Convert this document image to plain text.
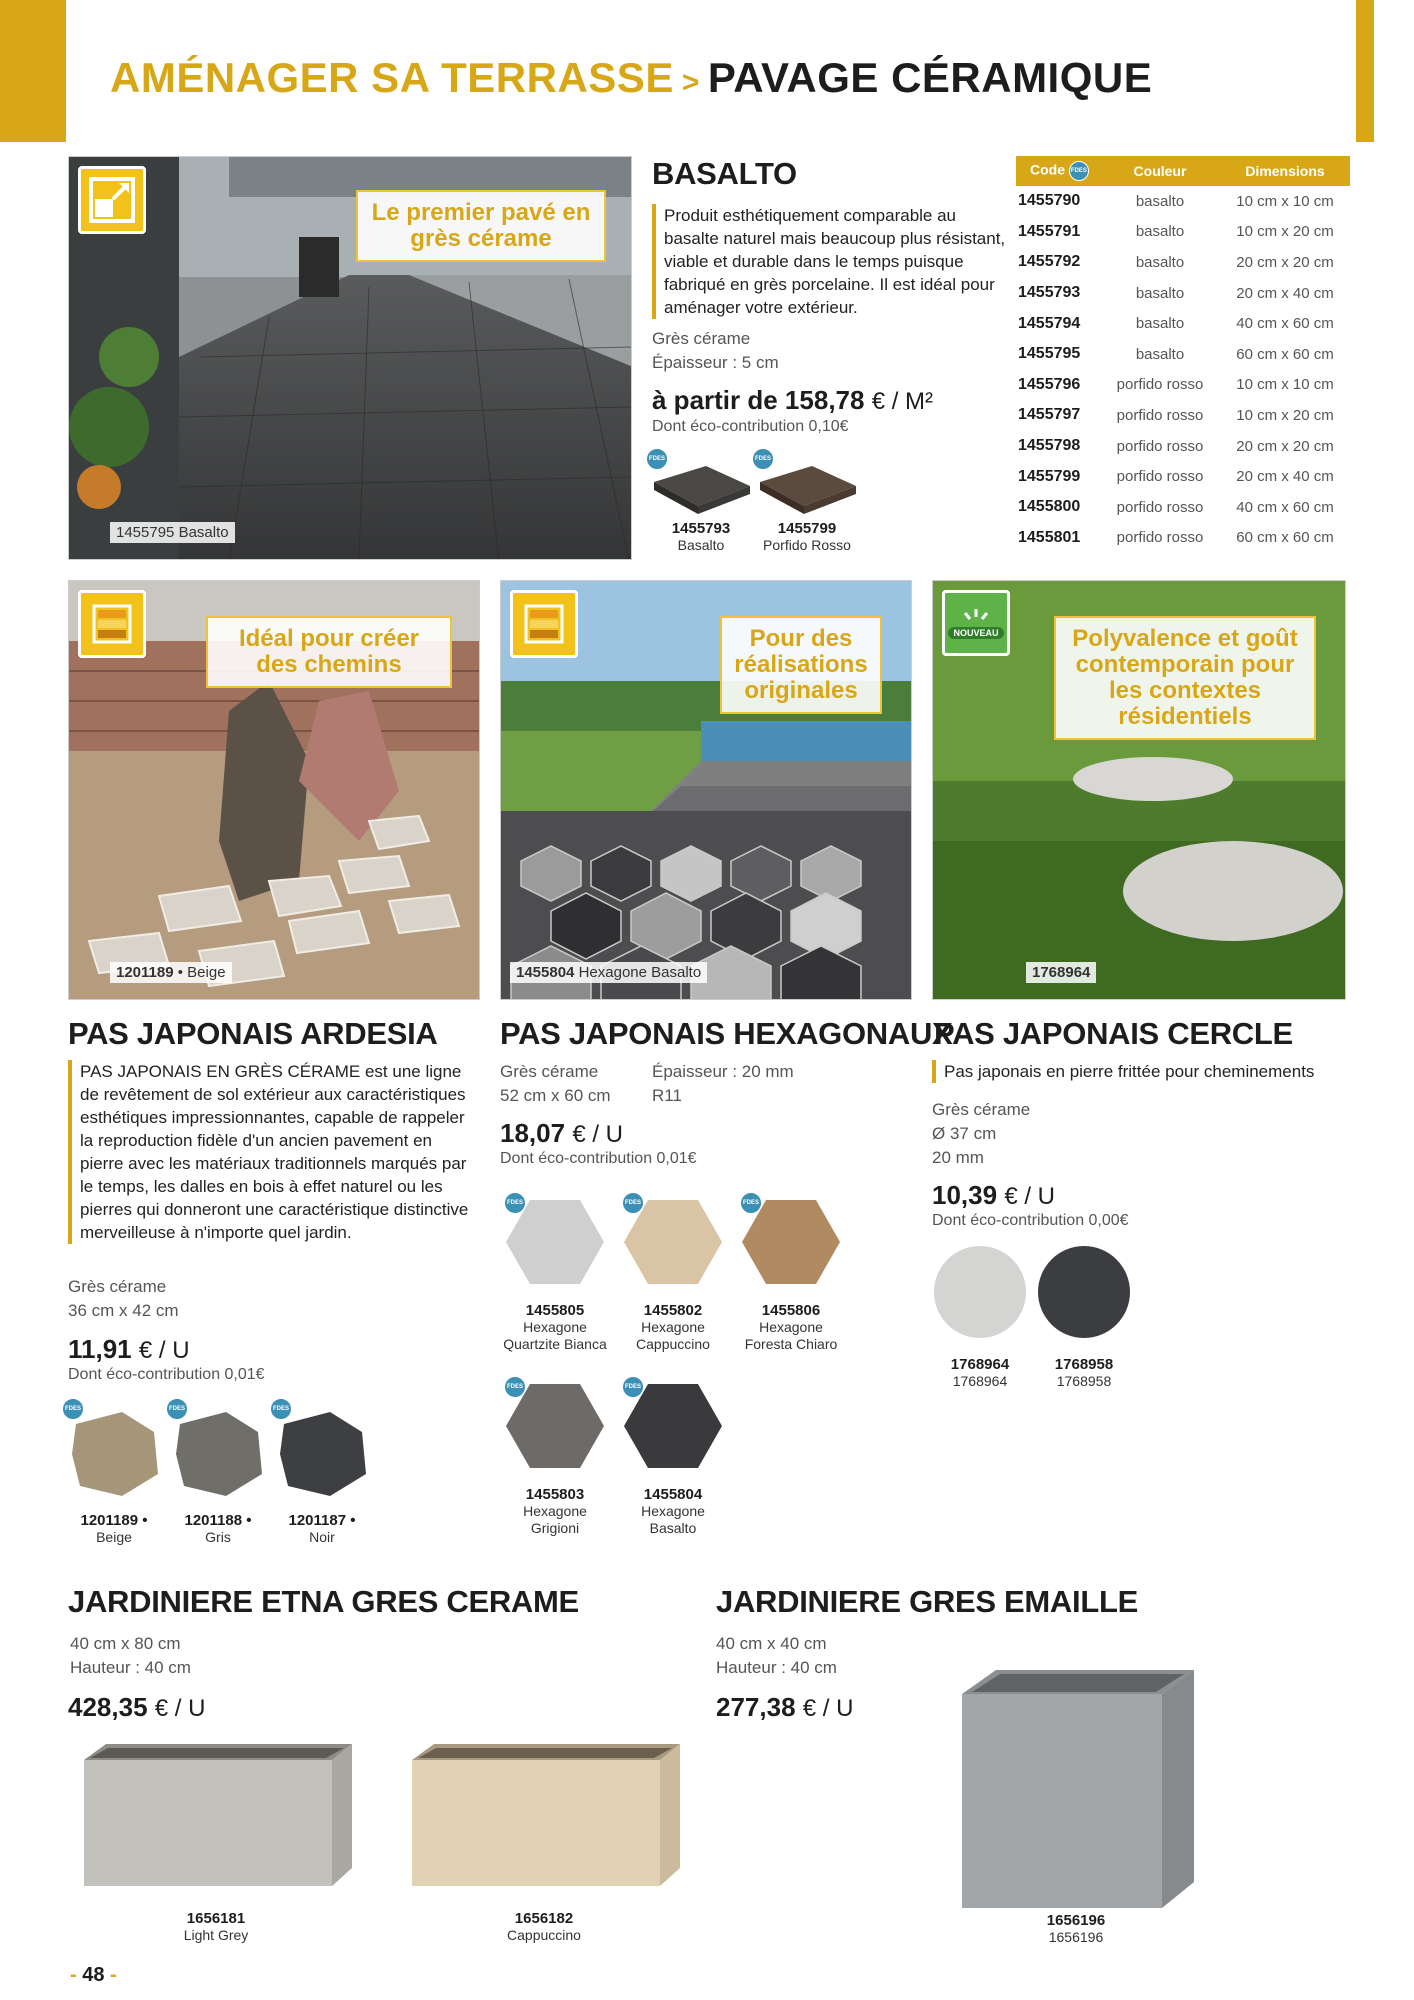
AMÉNAGER SA TERRASSE > PAVAGE CÉRAMIQUE
Le premier pavé en grès cérame
1455795 Basalto
BASALTO
Produit esthétiquement comparable au basalte naturel mais beaucoup plus résistant, viable et durable dans le temps puisque fabriqué en grès porcelaine. Il est idéal pour aménager votre extérieur.
Grès cérame
Épaisseur : 5 cm
à partir de 158,78 € / M²
Dont éco-contribution 0,10€
FDES
1455793
Basalto
FDES
1455799
Porfido Rosso
Code FDES	Couleur	Dimensions
1455790	basalto	10 cm x 10 cm
1455791	basalto	10 cm x 20 cm
1455792	basalto	20 cm x 20 cm
1455793	basalto	20 cm x 40 cm
1455794	basalto	40 cm x 60 cm
1455795	basalto	60 cm x 60 cm
1455796	porfido rosso	10 cm x 10 cm
1455797	porfido rosso	10 cm x 20 cm
1455798	porfido rosso	20 cm x 20 cm
1455799	porfido rosso	20 cm x 40 cm
1455800	porfido rosso	40 cm x 60 cm
1455801	porfido rosso	60 cm x 60 cm
Idéal pour créer des chemins
1201189 • Beige
PAS JAPONAIS ARDESIA
PAS JAPONAIS EN GRÈS CÉRAME est une ligne de revêtement de sol extérieur aux caractéristiques esthétiques impressionnantes, capable de rappeler la reproduction fidèle d'un ancien pavement en pierre avec les matériaux traditionnels marqués par le temps, les dalles en bois à effet naturel ou les pierres qui donneront une caractéristique distinctive merveilleuse à n'importe quel jardin.
Grès cérame
36 cm x 42 cm
11,91 € / U
Dont éco-contribution 0,01€
FDES
1201189 •
Beige
FDES
1201188 •
Gris
FDES
1201187 •
Noir
Pour des réalisations originales
1455804 Hexagone Basalto
PAS JAPONAIS HEXAGONAUX
Grès cérame
52 cm x 60 cm
Épaisseur : 20 mm
R11
18,07 € / U
Dont éco-contribution 0,01€
FDES
1455805
Hexagone
Quartzite Bianca
FDES
1455802
Hexagone
Cappuccino
FDES
1455806
Hexagone
Foresta Chiaro
FDES
1455803
Hexagone
Grigioni
FDES
1455804
Hexagone
Basalto
NOUVEAU	Polyvalence et goût contemporain pour les contextes résidentiels
1768964
PAS JAPONAIS CERCLE
Pas japonais en pierre frittée pour cheminements
Grès cérame
Ø 37 cm
20 mm
10,39 € / U
Dont éco-contribution 0,00€
1768964
1768964
1768958
1768958
JARDINIERE ETNA GRES CERAME
40 cm x 80 cm
Hauteur : 40 cm
428,35 € / U
1656181
Light Grey
1656182
Cappuccino
JARDINIERE GRES EMAILLE
40 cm x 40 cm
Hauteur : 40 cm
277,38 € / U
1656196
1656196
- 48 -
